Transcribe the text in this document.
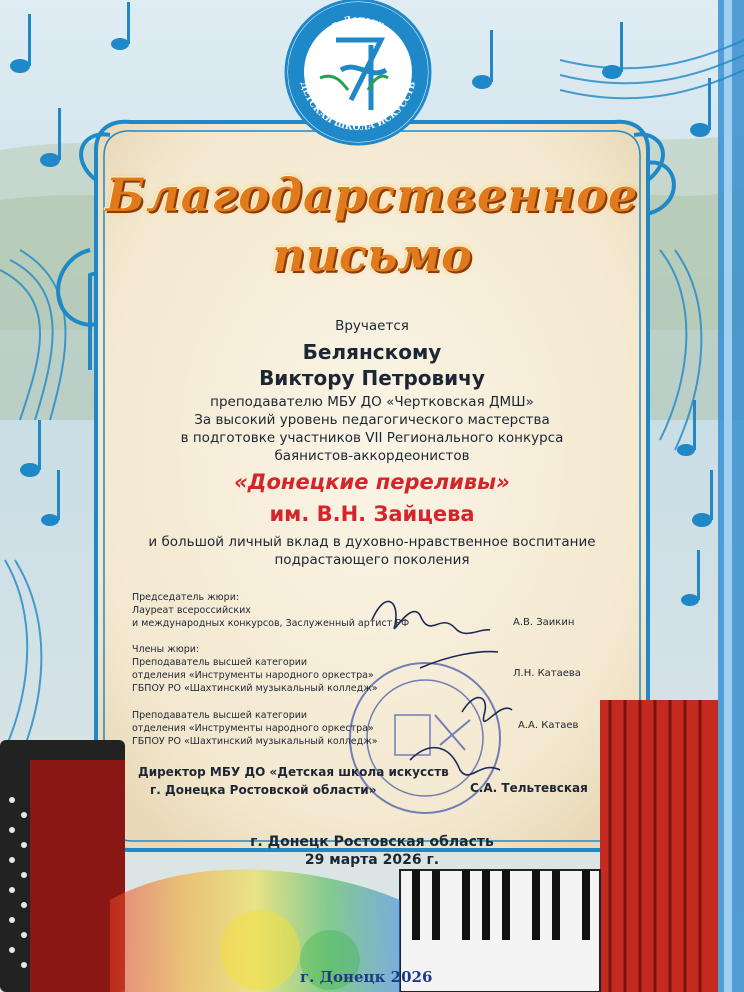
г. Донецк
ДЕТСКАЯ ШКОЛА ИСКУССТВ
Благодарственное
письмо
Вручается
Белянскому
Виктору Петровичу
преподавателю МБУ ДО «Чертковская ДМШ»
За высокий уровень педагогического мастерства
в подготовке участников VII Регионального конкурса
баянистов-аккордеонистов
«Донецкие переливы»
им. В.Н. Зайцева
и большой личный вклад в духовно-нравственное воспитание
подрастающего поколения
Председатель жюри:
Лауреат всероссийских
и международных конкурсов, Заслуженный артист РФ	А.В. Заикин
Члены жюри:
Преподаватель высшей категории
отделения «Инструменты народного оркестра»
ГБПОУ РО «Шахтинский музыкальный колледж»
Л.Н. Катаева
Преподаватель высшей категории
отделения «Инструменты народного оркестра»
ГБПОУ РО «Шахтинский музыкальный колледж»
А.А. Катаев
Директор МБУ ДО «Детская школа искусств
г. Донецка Ростовской области»	С.А. Тельтевская
г. Донецк Ростовская область
29 марта 2026 г.
г. Донецк 2026
